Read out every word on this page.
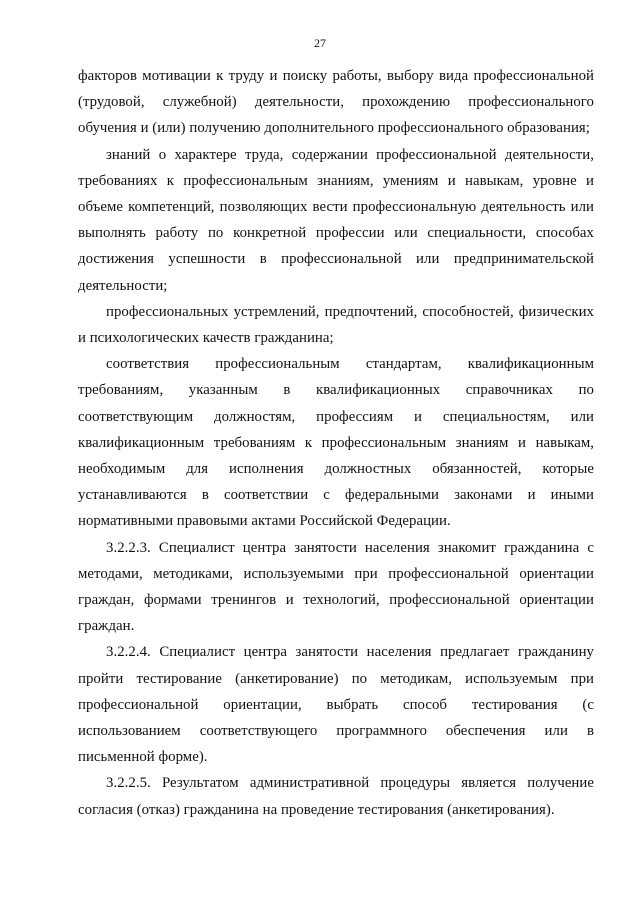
27

факторов мотивации к труду и поиску работы, выбору вида профессиональной (трудовой, служебной) деятельности, прохождению профессионального обучения и (или) получению дополнительного профессионального образования;

знаний о характере труда, содержании профессиональной деятельности, требованиях к профессиональным знаниям, умениям и навыкам, уровне и объеме компетенций, позволяющих вести профессиональную деятельность или выполнять работу по конкретной профессии или специальности, способах достижения успешности в профессиональной или предпринимательской деятельности;

профессиональных устремлений, предпочтений, способностей, физических и психологических качеств гражданина;

соответствия профессиональным стандартам, квалификационным требованиям, указанным в квалификационных справочниках по соответствующим должностям, профессиям и специальностям, или квалификационным требованиям к профессиональным знаниям и навыкам, необходимым для исполнения должностных обязанностей, которые устанавливаются в соответствии с федеральными законами и иными нормативными правовыми актами Российской Федерации.

3.2.2.3. Специалист центра занятости населения знакомит гражданина с методами, методиками, используемыми при профессиональной ориентации граждан, формами тренингов и технологий, профессиональной ориентации граждан.

3.2.2.4. Специалист центра занятости населения предлагает гражданину пройти тестирование (анкетирование) по методикам, используемым при профессиональной ориентации, выбрать способ тестирования (с использованием соответствующего программного обеспечения или в письменной форме).

3.2.2.5. Результатом административной процедуры является получение согласия (отказ) гражданина на проведение тестирования (анкетирования).
